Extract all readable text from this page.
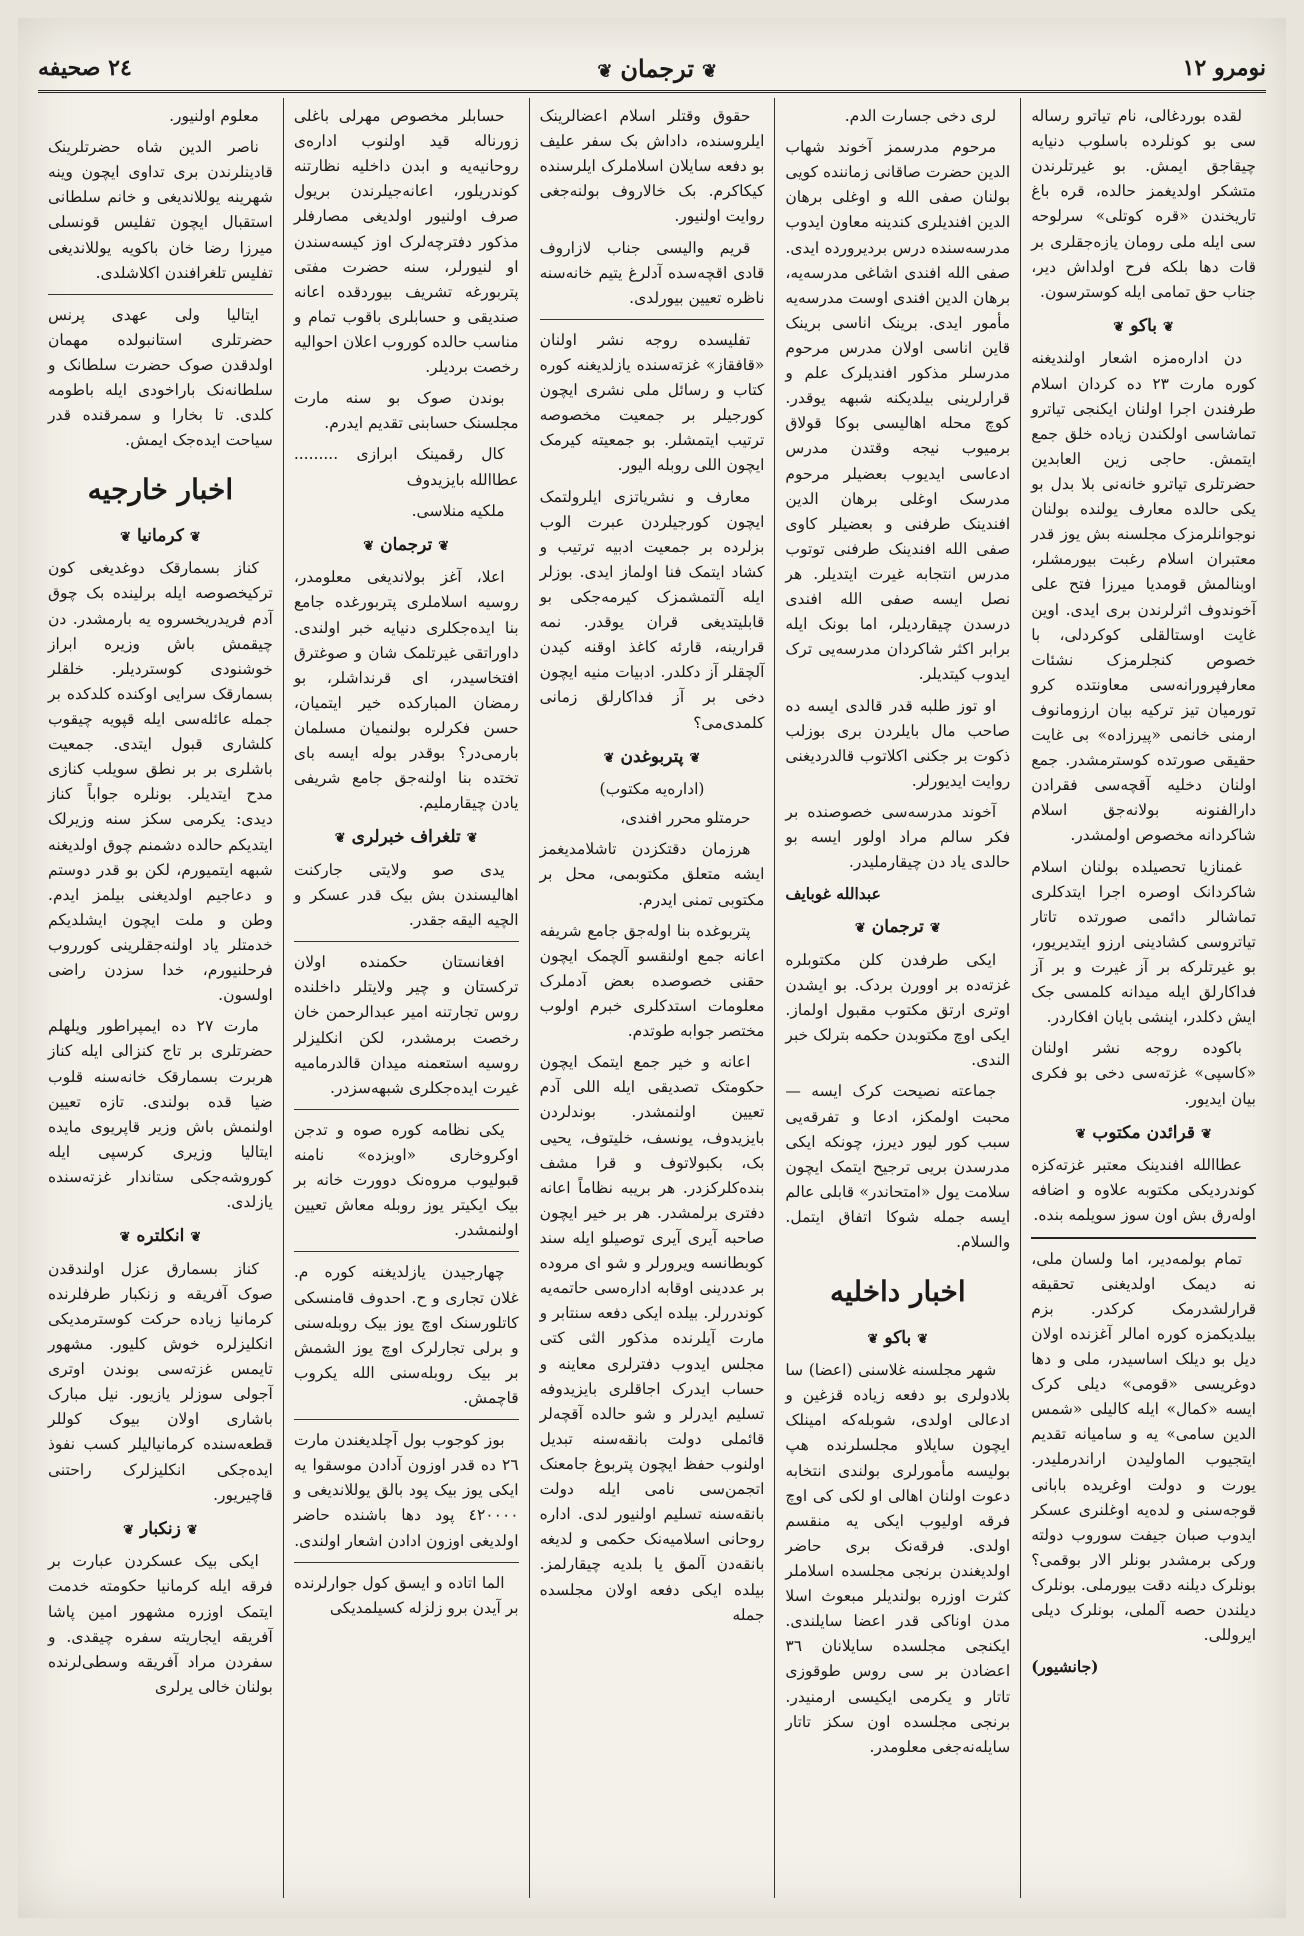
نومرو ١٢
❦ ترجمان ❦
٢٤ صحیفه

لقده بوردغالی، نام تیاترو رساله سی بو کونلرده باسلوب دنیایه چیقاجق ایمش. بو غیرتلرندن متشکر اولدیغمز حالده، قره باغ تاریخندن «قره کوتلی» سرلوحه سی ایله ملی رومان یازه‌جقلری بر قات دها بلکه فرح اولداش دیر، جناب حق تمامی ایله کوسترسون.

❦ باکو ❦

دن ادارەمزه اشعار اولندیغنه کوره مارت ٢٣ ده کردان اسلام طرفندن اجرا اولنان ایکنجی تیاترو تماشاسی اولکندن زیاده خلق جمع ایتمش. حاجی زین العابدین حضرتلری تیاترو خانه‌نی بلا بدل بو یکی حالده معارف یولنده بولنان نوجوانلرمزک مجلسنه بش یوز قدر معتبران اسلام رغبت بیورمشلر، اوبنالمش قومدیا میرزا فتح علی آخوندوف اثرلرندن بری ایدی. اوین غایت اوستالقلی کوکردلی، با خصوص کنجلرمزک نشئات معارفپرورانه‌سی معاونتده کرو تورمیان تیز ترکیه بیان ارزومانوف ارمنی خانمی «پیرزاده» بی غایت حقیقی صورتده کوسترمشدر. جمع اولنان دخلیه آقچه‌سی فقرادن دارالفنونه بولانه‌جق اسلام شاکردانه مخصوص اولمشدر.

غمنازیا تحصیلده بولنان اسلام شاکردانک اوصره اجرا ایتدکلری تماشالر دائمی صورتده تاتار تیاتروسی کشادینی ارزو ایتدیریور، بو غیرتلرکه بر آز غیرت و بر آز فداکارلق ایله میدانه کلمسی جک ایش دکلدر، اینشی بایان افکاردر.

باکوده روجه نشر اولنان «کاسپی» غزته‌سی دخی بو فکری بیان ایدیور.

❦ قرائدن مکتوب ❦

عطاالله افندینک معتبر غزته‌کزه کوندردیکی مکتوبه علاوه و اضافه اولەرق بش اون سوز سویلمه بنده.

تمام بولمه‌دیر، اما ولسان ملی، نه دیمک اولدیغنی تحقیقه قرارلشدرمک کرکدر. بزم بیلدیکمزه کوره امالر آغزنده اولان دیل بو دیلک اساسیدر، ملی و دها دوغریسی «قومی» دیلی کرک ایسه «کمال» ایله کالیلی «شمس الدین سامی» یه و سامیانه تقدیم ایتجیوب الماولیدن اراندرملیدر. یورت و دولت اوغریده بابانی قوجه‌سنی و لده‌یه اوغلنری عسکر ایدوب صبان جیفت سوروب دولته ورکی برمشدر بونلر الار بوقمی؟ بونلرک دیلنه دقت بیورملی. بونلرک دیلندن حصه آلملی، بونلرک دیلی ایروللی.

(جانشیور)

لری دخی جسارت الدم.

مرحوم مدرسمز آخوند شهاب الدین حضرت صاقانی زماننده کویی بولنان صفی الله و اوغلی برهان الدین افندیلری کندینه معاون ایدوب مدرسه‌سنده درس بردیرورده ایدی. صفی الله افندی اشاغی مدرسه‌یه، برهان الدین افندی اوست مدرسه‌یه مأمور ایدی. برینک اناسی برینک قاین اناسی اولان مدرس مرحوم مدرسلر مذکور افندیلرک علم و قرارلرینی بیلدیکنه شبهه یوقدر. کوچ محله اهالیسی بوکا قولاق برمیوب نیجه وقتدن مدرس ادعاسی ایدیوب بعضیلر مرحوم مدرسک اوغلی برهان الدین افندینک طرفنی و بعضیلر کاوی صفی الله افندینک طرفنی توتوب مدرس انتجابه غیرت ایتدیلر. هر نصل ایسه صفی الله افندی درسدن چیقاردیلر، اما بونک ایله برابر اکثر شاکردان مدرسه‌یی ترک ایدوب کیتدیلر.

او توز طلبه قدر قالدی ایسه ده صاحب مال بایلردن بری بوزلب ذکوت بر جکنی اکلاتوب قالدردیغنی روایت ایدیورلر.

آخوند مدرسه‌سی خصوصنده بر فکر سالم مراد اولور ایسه بو حالدی یاد دن چیقارملیدر.

عبدالله غوبایف
❦ ترجمان ❦

ایکی طرفدن کلن مکتوبلره غزته‌ده بر اوورن بردک. بو ایشدن اوتری ارتق مکتوب مقبول اولماز. ایکی اوچ مکتوبدن حکمه بترلک خبر الندی.

جماعته نصیحت کرک ایسه — محبت اولمکز، ادعا و تفرقه‌یی سبب کور لیور دیرز، چونکه ایکی مدرسدن بریی ترجیح ایتمک ایچون سلامت یول «امتحاندر» قابلی عالم ایسه جمله شوکا اتفاق ایتمل. والسلام.

اخبار داخلیه
❦ باکو ❦

شهر مجلسنه غلاسنی (اعضا) سا بلادولری بو دفعه زیاده قزغین و ادعالی اولدی، شوبلەکه امینلک ایچون سایلاو مجلسلرنده هپ بولیسه مأمورلری بولندی انتخابه دعوت اولنان اهالی او لکی کی اوچ فرقه اولیوب ایکی یه منقسم اولدی. فرقه‌نک بری حاضر اولدیغندن برنجی مجلسده اسلاملر کثرت اوزره بولندیلر مبعوث اسلا مدن اوناکی قدر اعضا سایلندی. ایکنجی مجلسده سایلانان ٣٦ اعضادن بر سی روس طوقوزی تاتار و یکرمی ایکیسی ارمنیدر. برنجی مجلسده اون سکز تاتار سایله‌نه‌جغی معلومدر.

حقوق وقتلر اسلام اعضالرینک ایلروسنده، داداش بک سفر علیف بو دفعه سایلان اسلاملرک ایلرسنده کیکاکرم. بک خالاروف بولنه‌جغی روایت اولنیور.

قریم والیسی جناب لازاروف قادی اقچه‌سده آدلرغ یتیم خانه‌سنه ناظره تعیین بیورلدی.

تفلیسده روجه نشر اولنان «قافقاز» غزته‌سنده یازلدیغنه کوره کتاب و رسائل ملی نشری ایچون کورجیلر بر جمعیت مخصوصه ترتیب ایتمشلر. بو جمعیته کیرمک ایچون اللی روبله الیور.

معارف و نشریاتزی ایلرولتمک ایچون کورجیلردن عبرت الوب بزلرده بر جمعیت ادبیه ترتیب و کشاد ایتمک فنا اولماز ایدی. بوزلر ایله آلتمشمزک کیرمەجکی بو قابلیتدیغی قران یوقدر. نمه قرارینه، قارئه کاغذ اوقنه کیدن آلچقلر آز دکلدر. ادبیات منیه ایچون دخی بر آز فداکارلق زمانی کلمدی‌می؟

❦ پتربوغدن ❦
(ادارەیه مکتوب)

حرمتلو محرر افندی،

هرزمان دقتکزدن تاشلامدیغمز ایشه متعلق مکتوبمی، محل بر مکتوبی تمنی ایدرم.

پتربوغده بنا اوله‌جق جامع شریفه اعانه جمع اولنقسو آلچمک ایچون حقنی خصوصده بعض آدملرک معلومات استدکلری خبرم اولوب مختصر جوابه طوتدم.

اعانه و خیر جمع ایتمک ایچون حکومتک تصدیقی ایله اللی آدم تعیین اولنمشدر. بوندلردن بایزیدوف، یونسف، خلیتوف، یحیی بک، بکبولاتوف و قرا مشف بندەکلرکزدر. هر بریبه نظاماً اعانه دفتری برلمشدر. هر بر خیر ایچون صاحبه آیری آیری توصیلو ایله سند کوبطانسه ویرورلر و شو ای مروده بر عددینی اوقابه ادارەسی حاتمه‌یه کوندررلر. بیلده ایکی دفعه سنتابر و مارت آیلرنده مذکور الثی کتی مجلس ایدوب دفترلری معاینه و حساب ایدرک اجاقلری بایزیدوفه تسلیم ایدرلر و شو حالده آقچه‌لر قائملی دولت بانقه‌سنه تبدیل اولنوب حفظ ایچون پتربوغ جامعنک اتجمن‌سی نامی ایله دولت بانقه‌سنه تسلیم اولنیور لدی. اداره روحانی اسلامیه‌نک حکمی و لدیغه بانقەدن آلمق یا بلدیه چیقارلمز. بیلده ایکی دفعه اولان مجلسده جمله

حسابلر مخصوص مهرلی باغلی زورناله قید اولنوب ادارەی روحانیه‌یه و ابدن داخلیه نظارتنه کوندریلور، اعانه‌جیلرندن بریول صرف اولنیور اولدیغی مصارفلر مذکور دفترچه‌لرک اوز کیسه‌سندن او لنیورلر، سنه حضرت مفتی پتربورغه تشریف بیوردقده اعانه صندیقی و حسابلری باقوب تمام و مناسب حالده کوروب اعلان احوالیه رخصت بردیلر.

بوندن صوک بو سنه مارت مجلسنک حسابنی تقدیم ایدرم.

کال رقمینک ابرازی ......... عطاالله بایزیدوف

ملکیه منلاسی.

❦ ترجمان ❦

اعلا، آغز بولاندیغی معلومدر، روسیه اسلاملری پتربورغده جامع بنا ایده‌جکلری دنیایه خبر اولندی. داوراتقی غیرتلمک شان و صوغترق افتخاسیدر، ای قرنداشلر، بو رمضان المبارکده خیر ایتمیان، حسن فکرلره بولنمیان مسلمان بارمی‌در؟ بوقدر بوله ایسه بای تختده بنا اولنه‌جق جامع شریفی یادن چیقارملیم.

❦ تلغراف خبرلری ❦

یدی صو ولایتی جارکنت اهالیسندن بش بیک قدر عسکر و الچیه الیقه جقدر.

افغانستان حکمنده اولان ترکستان و چیر ولایتلر داخلنده روس تجارتنه امیر عبدالرحمن خان رخصت برمشدر، لکن انکلیزلر روسیه استعمنه میدان قالدرمامیه غیرت ایده‌جکلری شبهه‌سزدر.

یکی نظامه کوره صوه و تدجن اوکروخاری «اوبزده» نامنه قبولیوب مروه‌نک دوورت خانه بر بیک ایکیتر یوز روبله معاش تعیین اولنمشدر.

چهارجیدن یازلدیغنه کوره م. غلان تجاری و ح. احدوف قامنسکی کاتلورسنک اوچ یوز بیک روبله‌سنی و برلی تجارلرک اوچ یوز الشمش بر بیک روبله‌سنی الله یکروب قاچمش.

بوز کوجوب بول آچلدیغندن مارت ٢٦ ده قدر اوزون آدادن موسقوا یه ایکی یوز بیک پود بالق یوللاندیغی و ٤٢٠٠٠٠ پود دها باشنده حاضر اولدیغی اوزون ادادن اشعار اولندی.

الما اتاده و ایسق کول جوارلرنده بر آیدن برو زلزله کسیلمدیکی

معلوم اولنیور.

ناصر الدین شاه حضرتلرینک قادینلرندن بری تداوی ایچون وینه شهرینه یوللاندیغی و خانم سلطانی استقبال ایچون تفلیس قونسلی میرزا رضا خان باکویه یوللاندیغی تفلیس تلغرافندن اکلاشلدی.

ایتالیا ولی عهدی پرنس حضرتلری استانبولده مهمان اولدقدن صوک حضرت سلطانک و سلطانه‌نک باراخودی ایله باطومه کلدی. تا بخارا و سمرقنده قدر سیاحت ایده‌جک ایمش.

اخبار خارجیه
❦ کرمانیا ❦

کناز بسمارقک دوغدیغی کون ترکیخصوصه ایله برلینده بک چوق آدم فریدریخسروه یه بارمشدر. دن چیقمش باش وزیره ابراز خوشنودی کوستردیلر. خلقلر بسمارقک سرایی اوکنده کلدکده بر جمله عائله‌سی ایله قپویه چیقوب کلشاری قبول ایتدی. جمعیت باشلری بر بر نطق سویلب کنازی مدح ایتدیلر. بونلره جواباً کناز دیدی: یکرمی سکز سنه وزیرلک ایتدیکم حالده دشمنم چوق اولدیغنه شبهه ایتمیورم، لکن بو قدر دوستم و دعاجیم اولدیغنی بیلمز ایدم. وطن و ملت ایچون ایشلدیکم خدمتلر یاد اولنه‌جقلرینی کورروب فرحلنیورم، خدا سزدن راضی اولسون.

مارت ٢٧ ده ایمپراطور ویلهلم حضرتلری بر تاج کنزالی ایله کناز هربرت بسمارقک خانه‌سنه قلوب ضیا قده بولندی. تازه تعیین اولنمش باش وزیر قاپریوی مایده ایتالیا وزیری کرسپی ایله کوروشه‌جکی ستاندار غزته‌سنده یازلدی.

❦ انکلتره ❦

کناز بسمارق عزل اولندقدن صوک آفریقه و زنکبار طرفلرنده کرمانیا زیاده حرکت کوسترمدیکی انکلیزلره خوش کلیور. مشهور تایمس غزته‌سی بوندن اوتری آجولی سوزلر یازیور. نیل مبارک باشاری اولان بیوک کوللر قطعه‌سنده کرمانیالیلر کسب نفوذ ایدەجکی انکلیزلرک راحتنی قاچیریور.

❦ زنکبار ❦

ایکی بیک عسکردن عبارت بر فرقه ایله کرمانیا حکومته خدمت ایتمک اوزره مشهور امین پاشا آفریقه ایجاریته سفره چیقدی. و سفردن مراد آفریقه وسطی‌لرنده بولنان خالی یرلری
